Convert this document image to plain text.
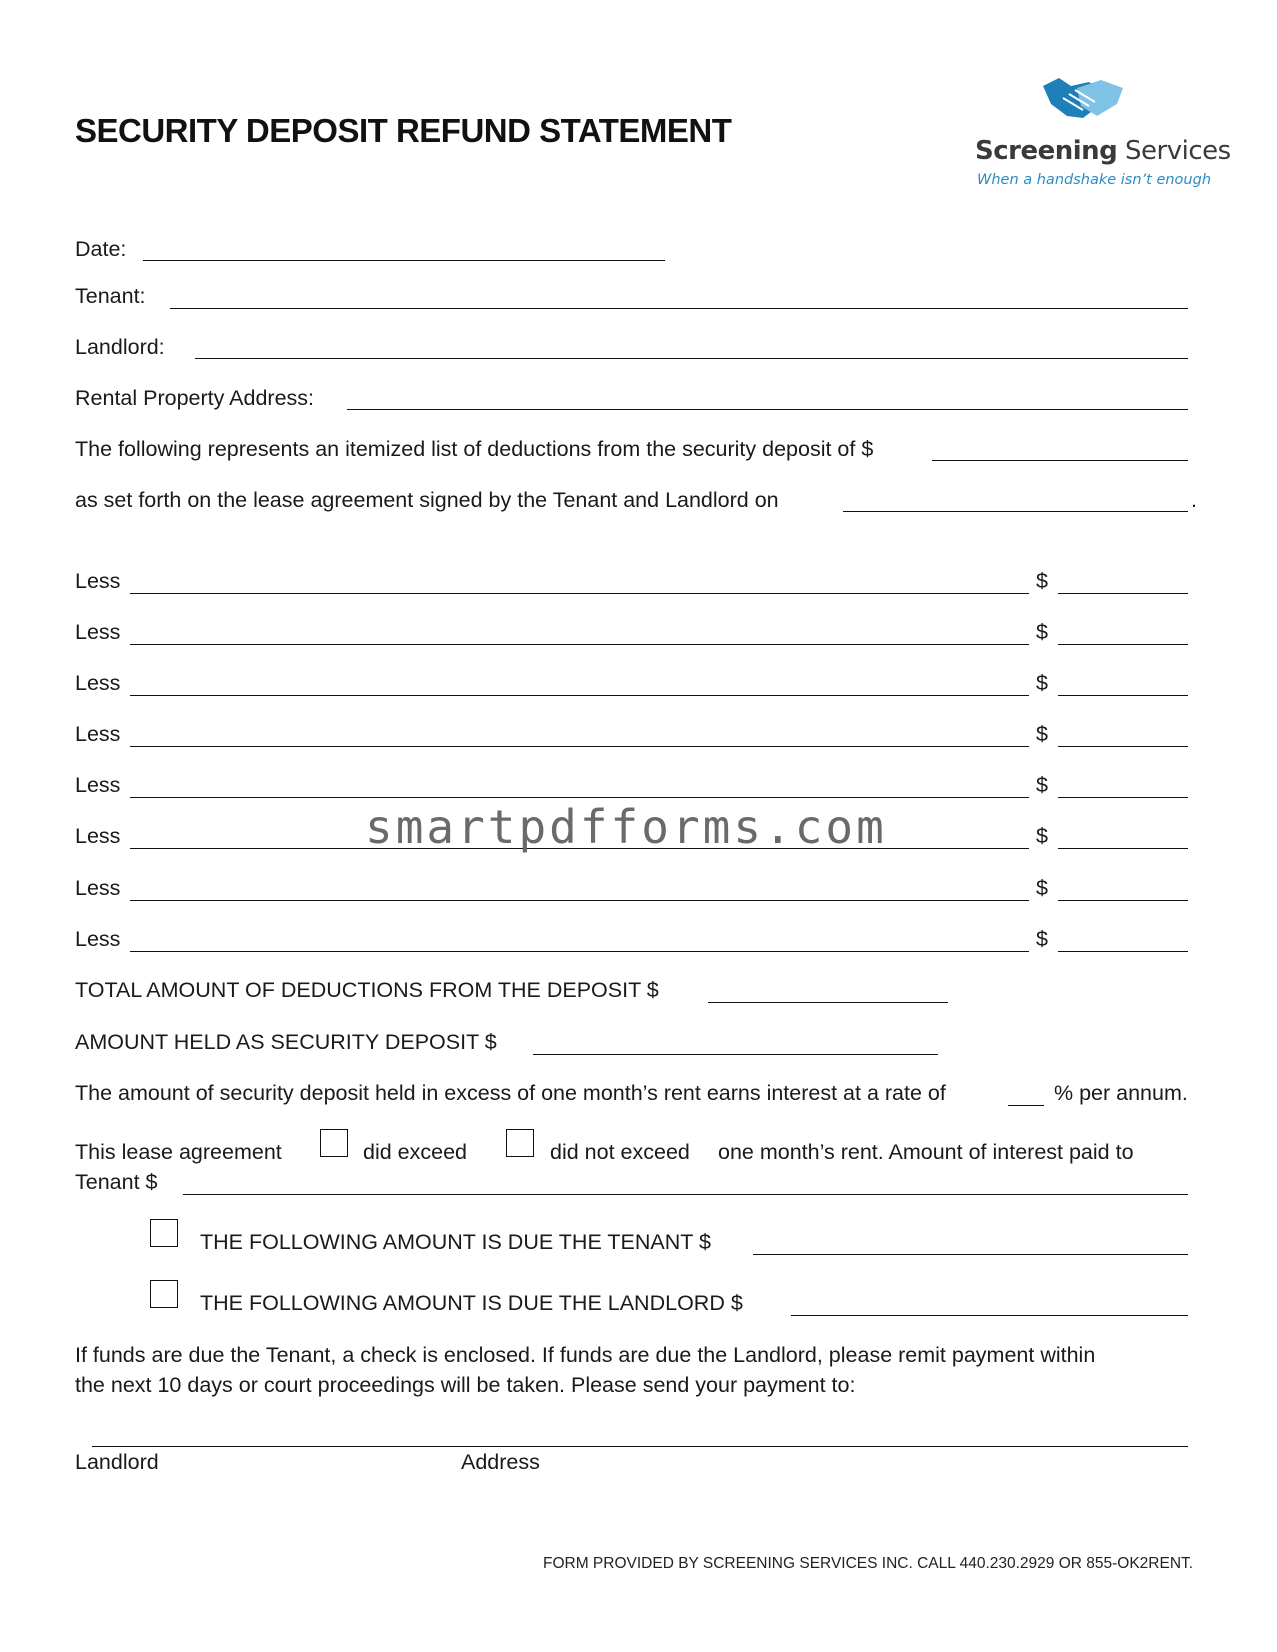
SECURITY DEPOSIT REFUND STATEMENT
Screening Services
When a handshake isn’t enough
Date:
Tenant:
Landlord:
Rental Property Address:
The following represents an itemized list of deductions from the security deposit of $
as set forth on the lease agreement signed by the Tenant and Landlord on	.
Less	$
Less	$
Less	$
Less	$
Less	$
Less	$
Less	$
Less	$
smartpdfforms.com
TOTAL AMOUNT OF DEDUCTIONS FROM THE DEPOSIT $
AMOUNT HELD AS SECURITY DEPOSIT $
The amount of security deposit held in excess of one month’s rent earns interest at a rate of	% per annum.
This lease agreement	did exceed	did not exceed one month’s rent. Amount of interest paid to
Tenant $
THE FOLLOWING AMOUNT IS DUE THE TENANT $
THE FOLLOWING AMOUNT IS DUE THE LANDLORD $
If funds are due the Tenant, a check is enclosed. If funds are due the Landlord, please remit payment within
the next 10 days or court proceedings will be taken. Please send your payment to:
Landlord	Address
FORM PROVIDED BY SCREENING SERVICES INC. CALL 440.230.2929 OR 855-OK2RENT.
